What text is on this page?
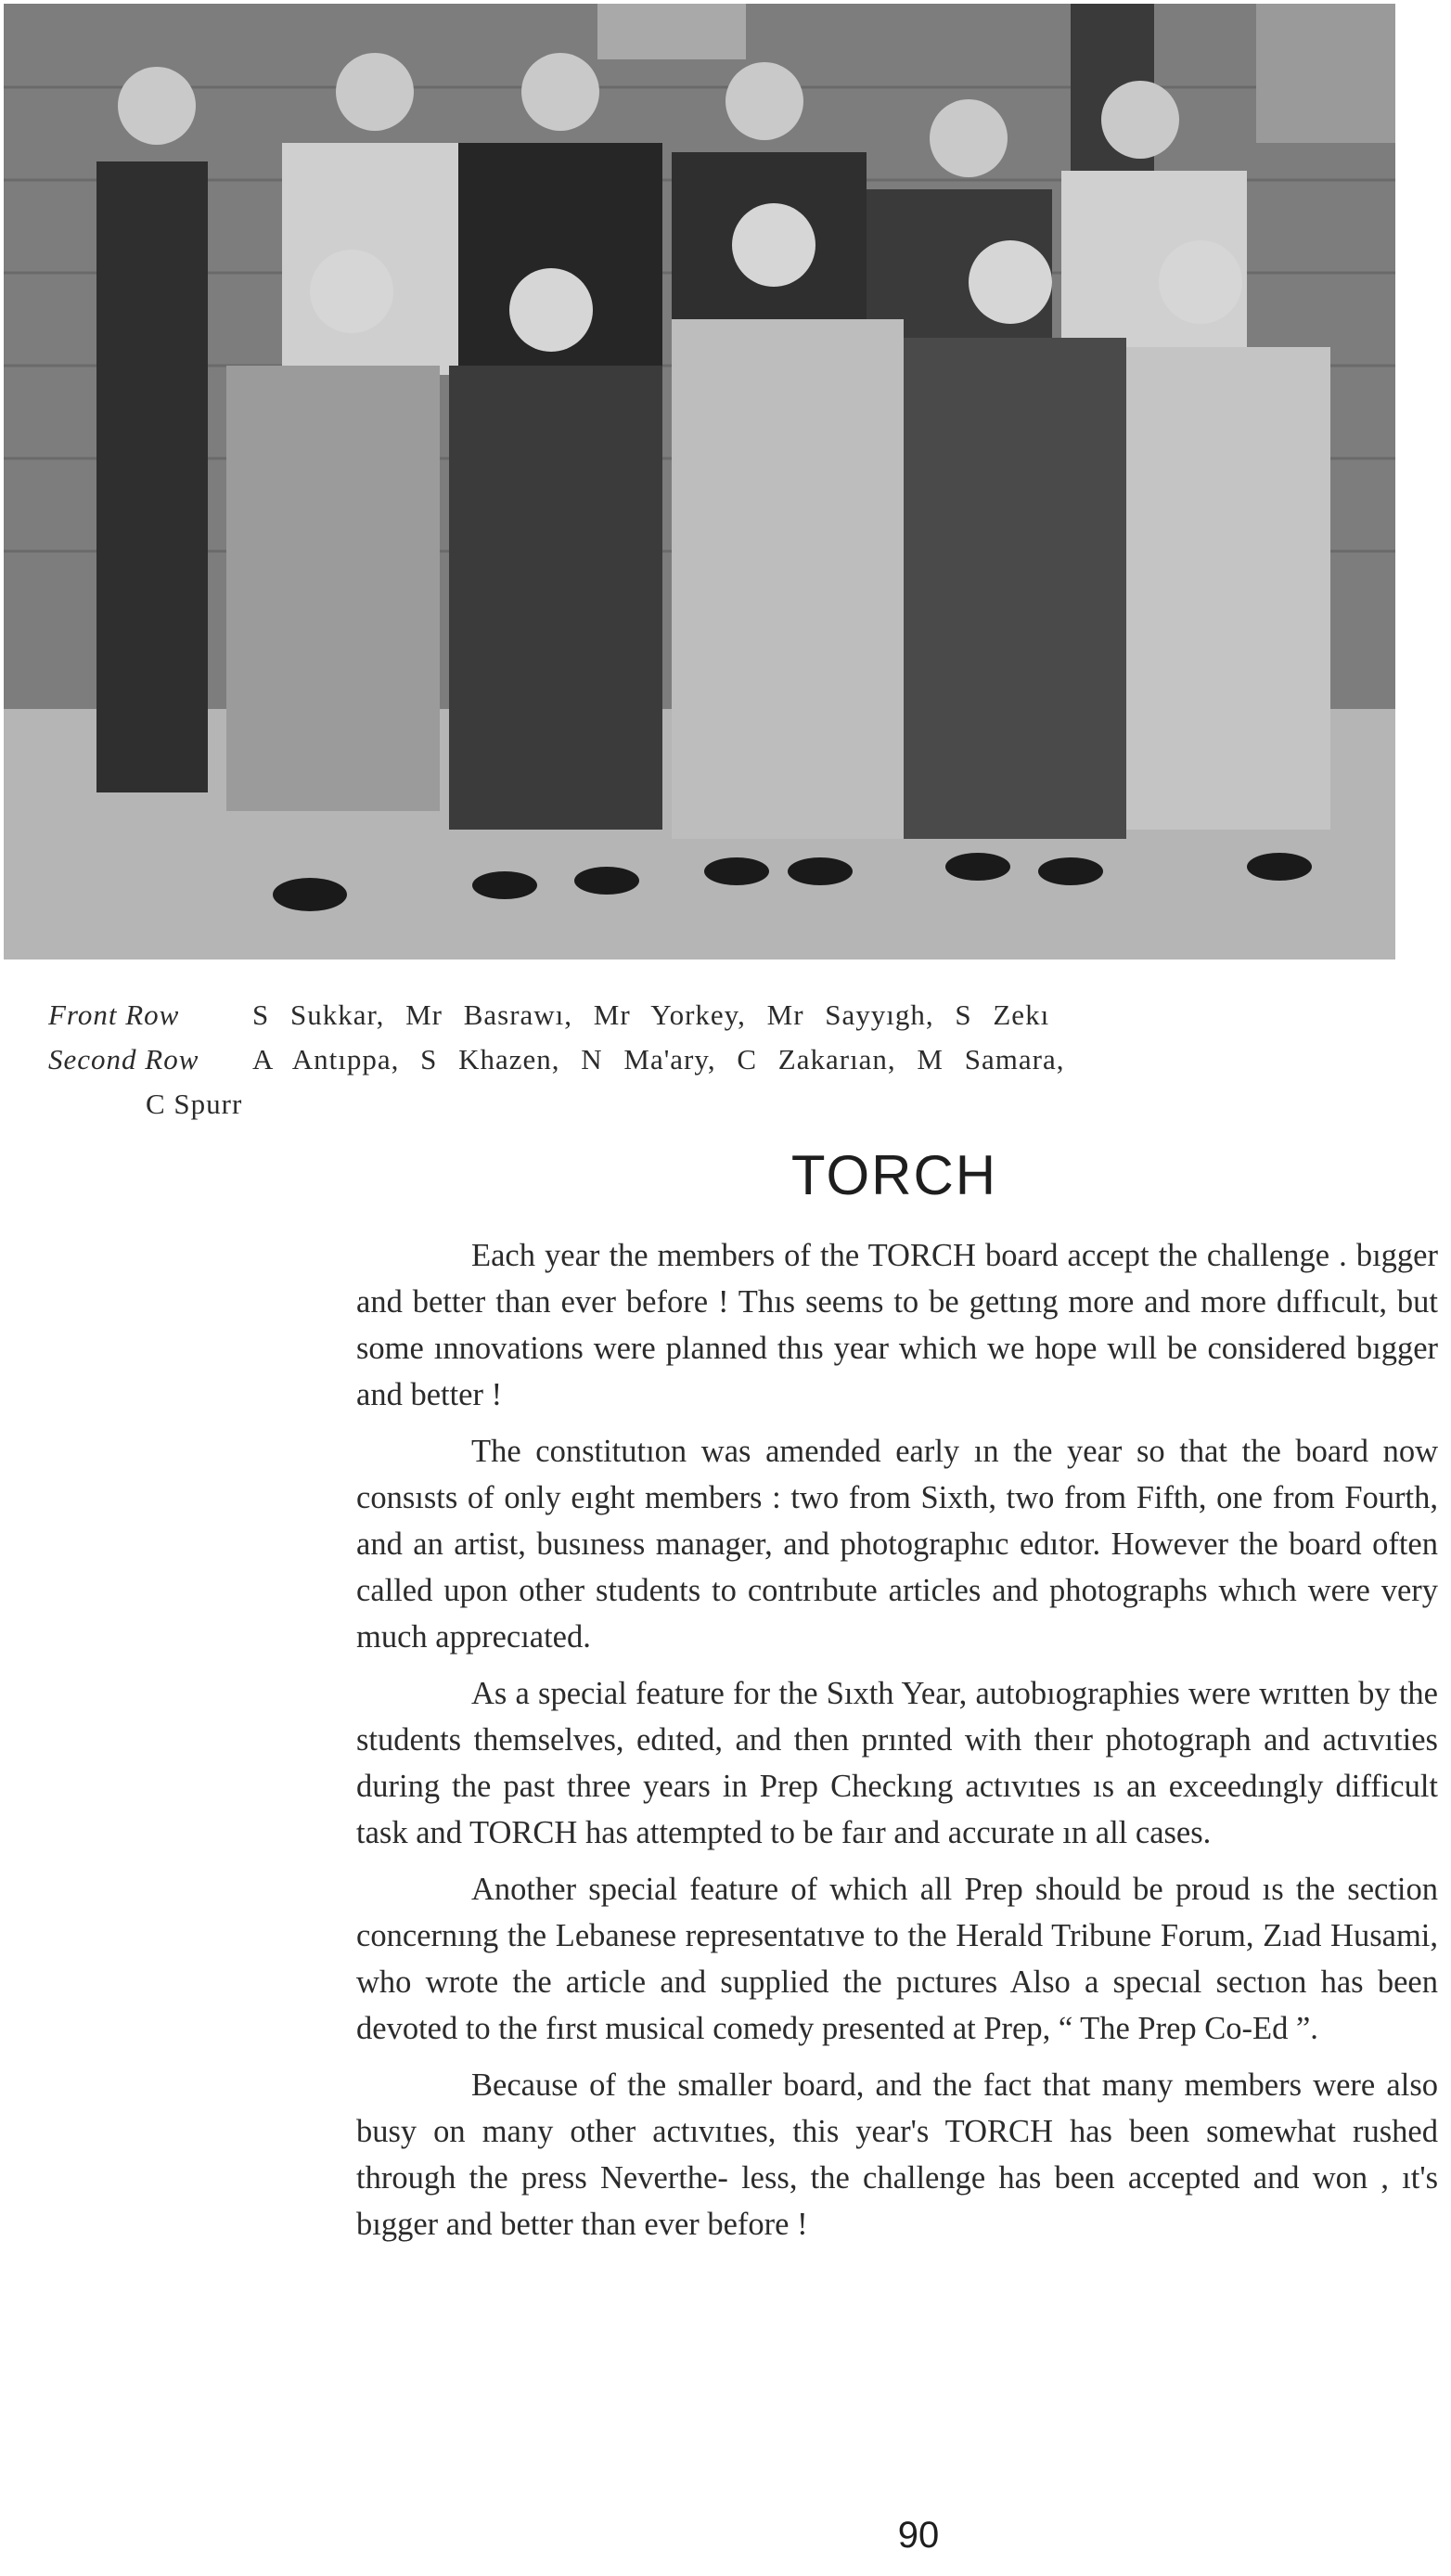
Front Row	S Sukkar, Mr Basrawı, Mr Yorkey, Mr Sayyıgh, S Zekı
Second Row A Antıppa, S Khazen, N Ma'ary, C Zakarıan, M Samara,
C Spurr
TORCH

Each year the members of the TORCH board accept the challenge . bıgger and better than ever before ! Thıs seems to be gettıng more and more dıffıcult, but some ınnovations were planned thıs year which we hope wıll be considered bıgger and better !

The constitutıon was amended early ın the year so that the board now consısts of only eıght members : two from Sixth, two from Fifth, one from Fourth, and an artist, busıness manager, and photographıc edıtor. However the board often called upon other students to contrıbute articles and photographs whıch were very much apprecıated.

As a special feature for the Sıxth Year, autobıographies were wrıtten by the students themselves, edıted, and then prınted with theır photograph and actıvıties during the past three years in Prep Checkıng actıvıtıes ıs an exceedıngly difficult task and TORCH has attempted to be faır and accurate ın all cases.

Another special feature of which all Prep should be proud ıs the section concernıng the Lebanese representatıve to the Herald Tribune Forum, Zıad Husami, who wrote the article and supplied the pıctures Also a specıal sectıon has been devoted to the fırst musical comedy presented at Prep, “ The Prep Co-Ed ”.

Because of the smaller board, and the fact that many members were also busy on many other actıvıtıes, this year's TORCH has been somewhat rushed through the press Neverthe- less, the challenge has been accepted and won , ıt's bıgger and better than ever before !

90
